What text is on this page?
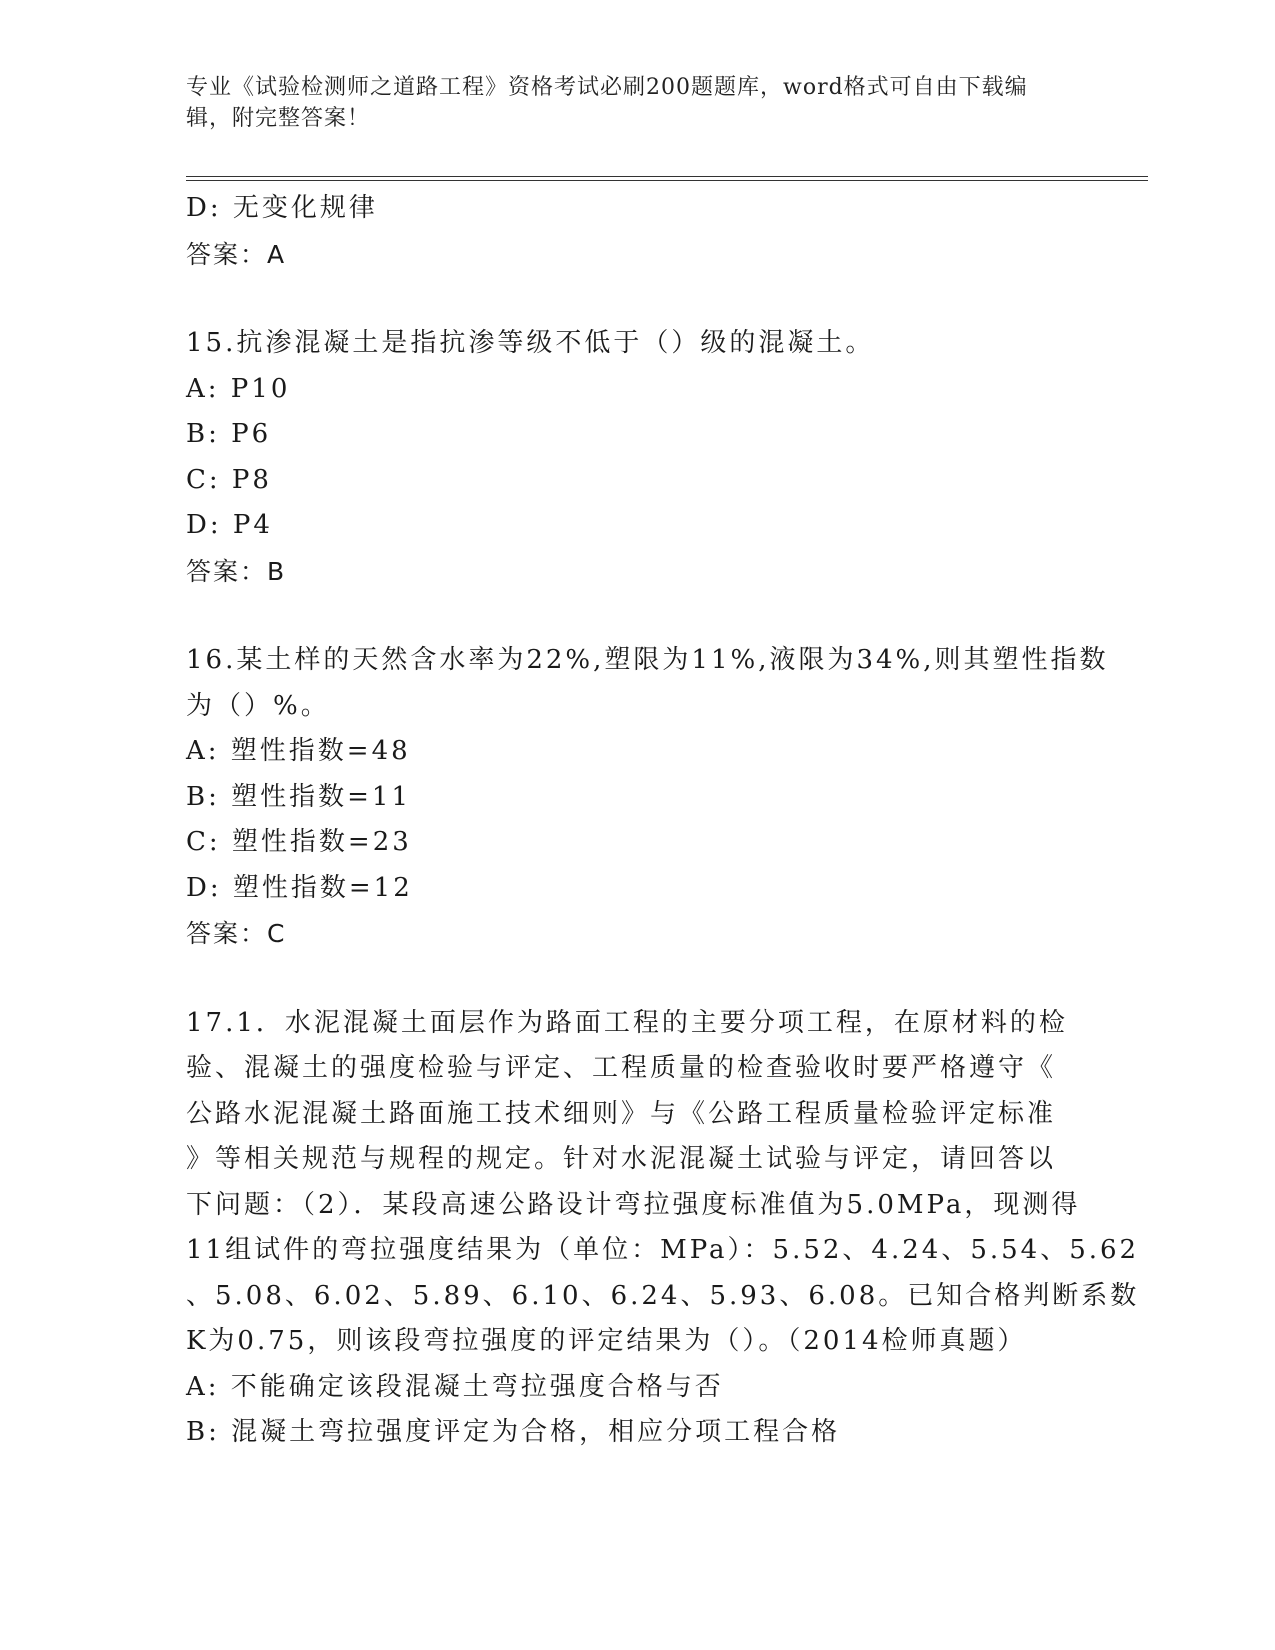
专业《试验检测师之道路工程》资格考试必刷200题题库，word格式可自由下载编辑，附完整答案！
D: 无变化规律
答案：A
15.抗渗混凝土是指抗渗等级不低于（）级的混凝土。
A: P10
B: P6
C: P8
D: P4
答案：B
16.某土样的天然含水率为22%,塑限为11%,液限为34%,则其塑性指数
为（）%。
A: 塑性指数=48
B: 塑性指数=11
C: 塑性指数=23
D: 塑性指数=12
答案：C
17.1．水泥混凝土面层作为路面工程的主要分项工程，在原材料的检
验、混凝土的强度检验与评定、工程质量的检查验收时要严格遵守《
公路水泥混凝土路面施工技术细则》与《公路工程质量检验评定标准
》等相关规范与规程的规定。针对水泥混凝土试验与评定，请回答以
下问题：（2）．某段高速公路设计弯拉强度标准值为5.0MPa，现测得
11组试件的弯拉强度结果为（单位：MPa）：5.52、4.24、5.54、5.62
、5.08、6.02、5.89、6.10、6.24、5.93、6.08。已知合格判断系数
K为0.75，则该段弯拉强度的评定结果为（）。（2014检师真题）
A: 不能确定该段混凝土弯拉强度合格与否
B: 混凝土弯拉强度评定为合格，相应分项工程合格
